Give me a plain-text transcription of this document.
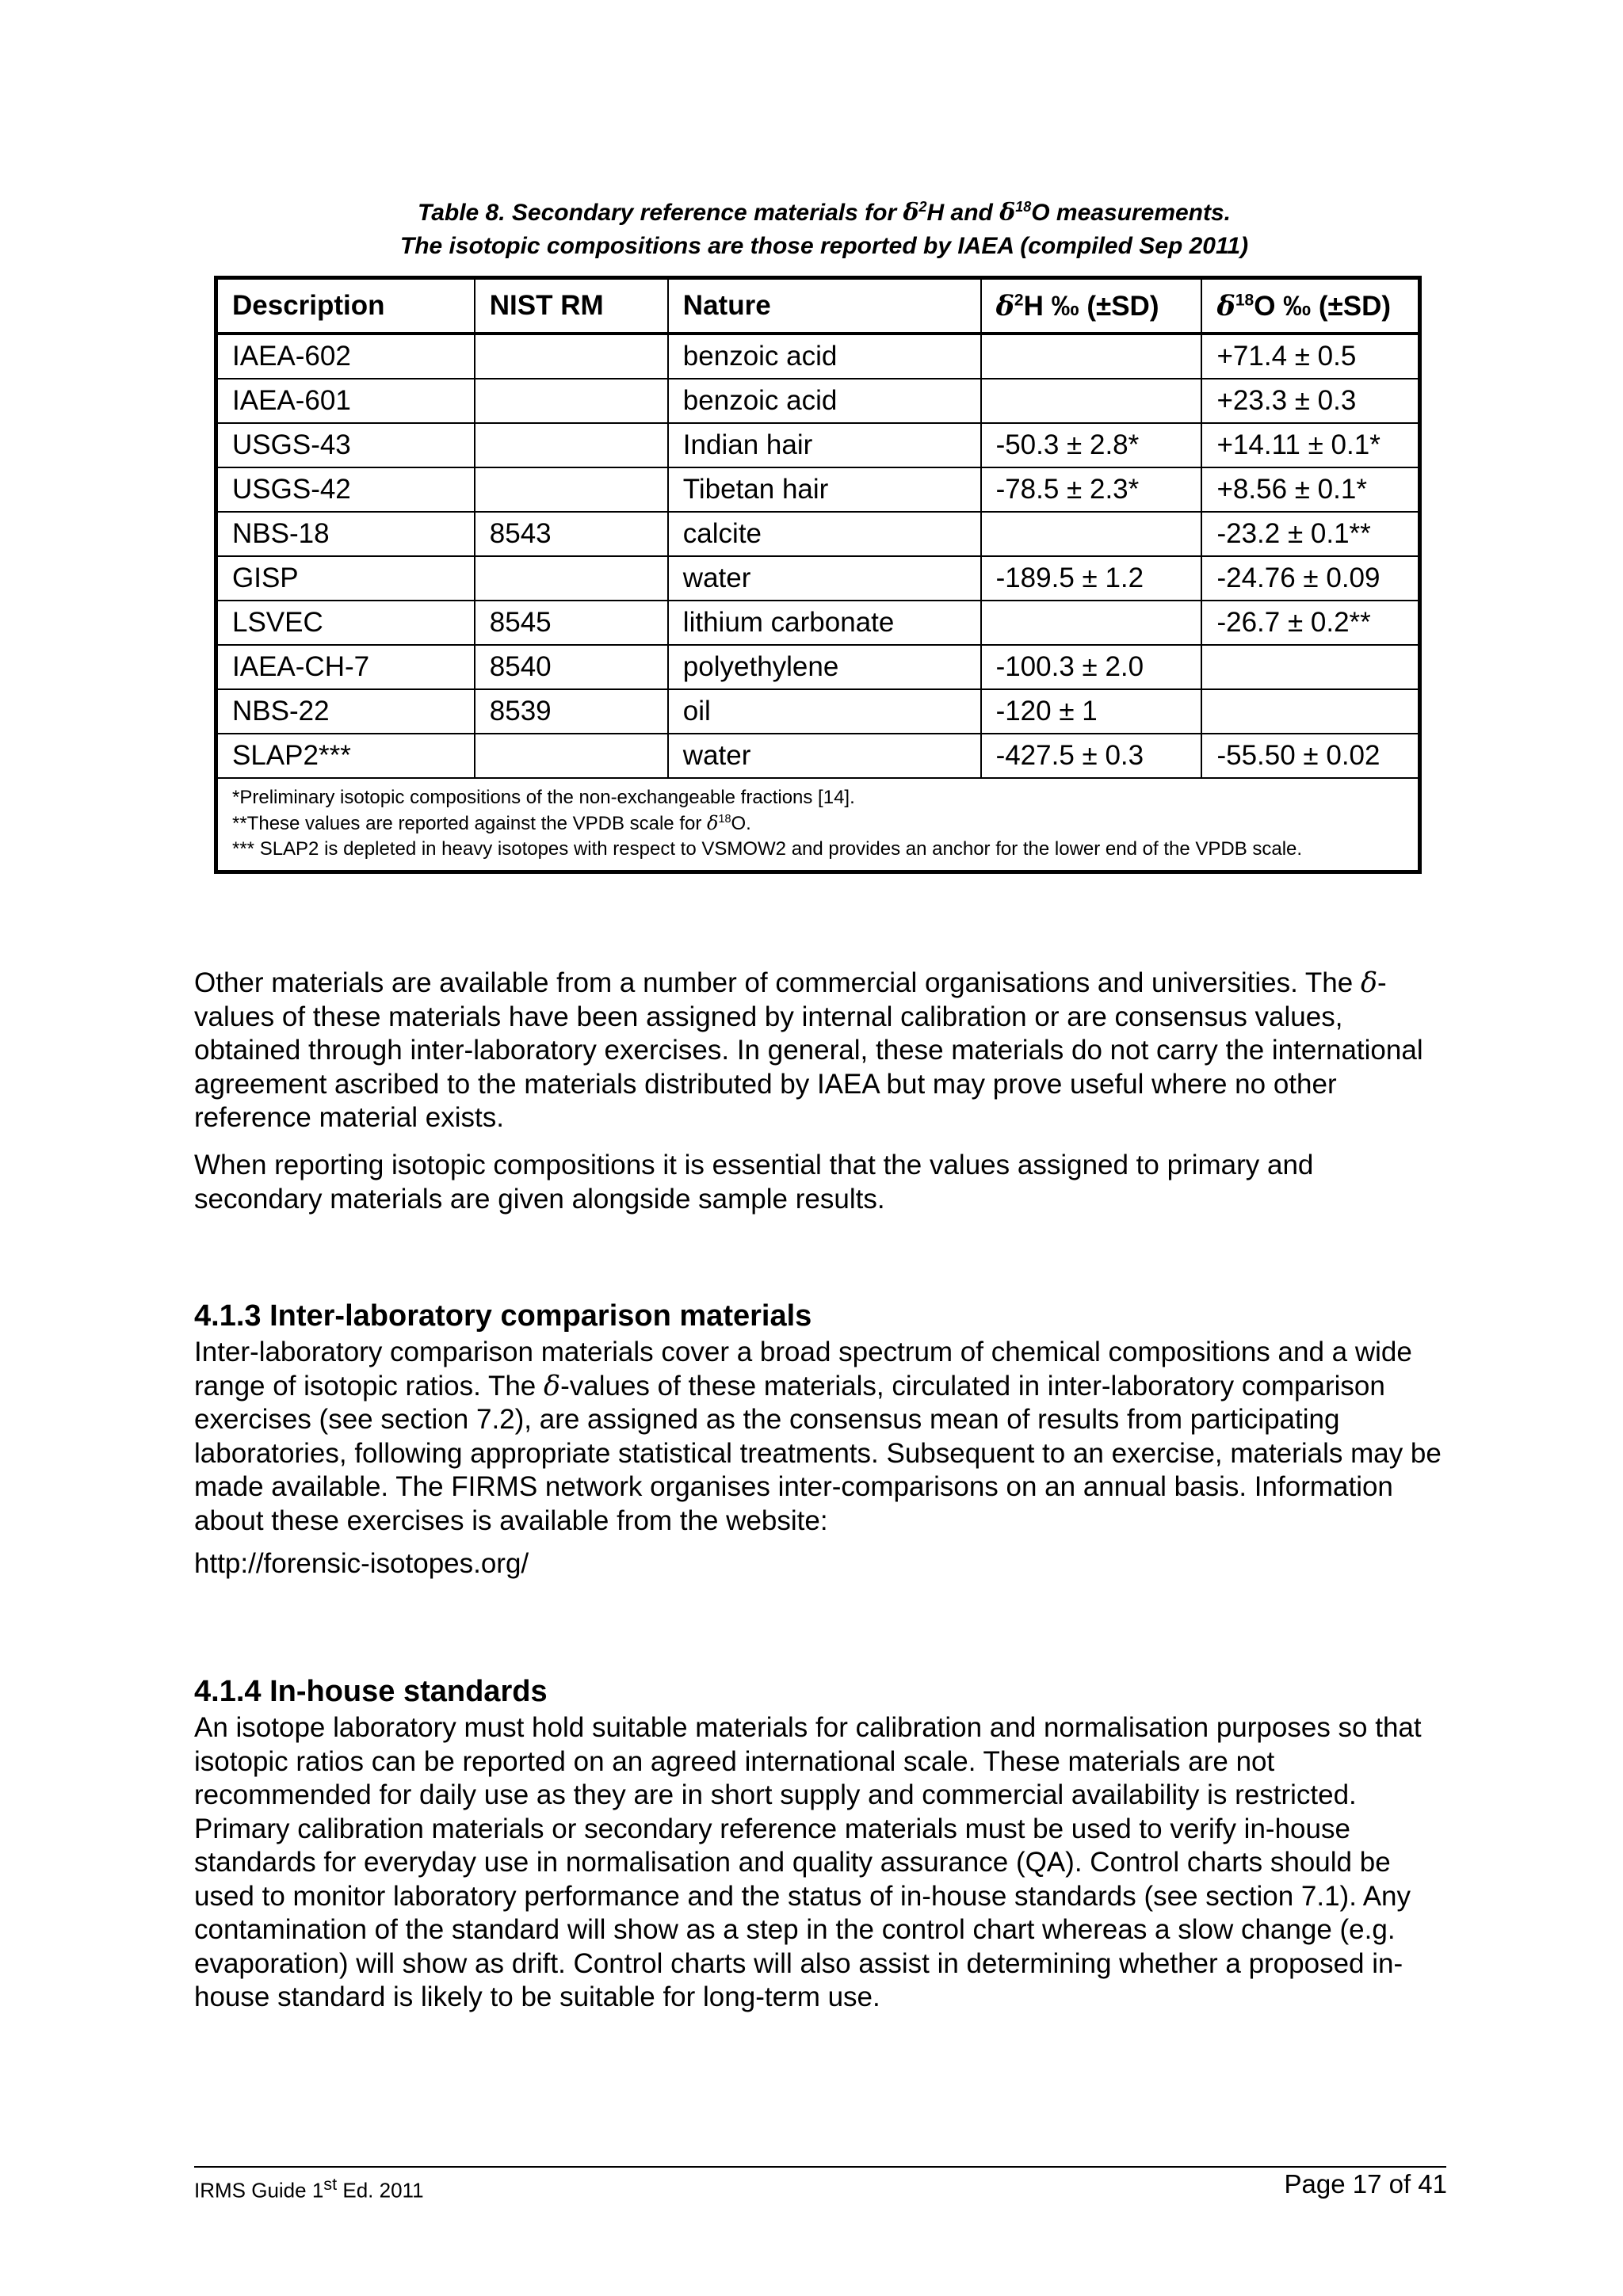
Table 8. Secondary reference materials for $\delta^2H$ and $\delta^{18}O$ measurements.
The isotopic compositions are those reported by IAEA (compiled Sep 2011)
Description	NIST RM	Nature	$\delta^2H$ ‰ (±SD)	$\delta^{18}O$ ‰ (±SD)
IAEA-602		benzoic acid		+71.4 ± 0.5
IAEA-601		benzoic acid		+23.3 ± 0.3
USGS-43		Indian hair	-50.3 ± 2.8*	+14.11 ± 0.1*
USGS-42		Tibetan hair	-78.5 ± 2.3*	+8.56 ± 0.1*
NBS-18	8543	calcite		-23.2 ± 0.1**
GISP		water	-189.5 ± 1.2	-24.76 ± 0.09
LSVEC	8545	lithium carbonate		-26.7 ± 0.2**
IAEA-CH-7	8540	polyethylene	-100.3 ± 2.0	
NBS-22	8539	oil	-120 ± 1	
SLAP2***		water	-427.5 ± 0.3	-55.50 ± 0.02

*Preliminary isotopic compositions of the non-exchangeable fractions [14].
**These values are reported against the VPDB scale for $\delta^{18}O$.
*** SLAP2 is depleted in heavy isotopes with respect to VSMOW2 and provides an anchor for the lower end of the VPDB scale.				

Other materials are available from a number of commercial organisations and universities. The δ-values of these materials have been assigned by internal calibration or are consensus values, obtained through inter-laboratory exercises. In general, these materials do not carry the international agreement ascribed to the materials distributed by IAEA but may prove useful where no other reference material exists.

When reporting isotopic compositions it is essential that the values assigned to primary and secondary materials are given alongside sample results.

4.1.3 Inter-laboratory comparison materials

Inter-laboratory comparison materials cover a broad spectrum of chemical compositions and a wide range of isotopic ratios. The δ-values of these materials, circulated in inter-laboratory comparison exercises (see section 7.2), are assigned as the consensus mean of results from participating laboratories, following appropriate statistical treatments. Subsequent to an exercise, materials may be made available. The FIRMS network organises inter-comparisons on an annual basis. Information about these exercises is available from the website:

http://forensic-isotopes.org/

4.1.4 In-house standards

An isotope laboratory must hold suitable materials for calibration and normalisation purposes so that isotopic ratios can be reported on an agreed international scale. These materials are not recommended for daily use as they are in short supply and commercial availability is restricted. Primary calibration materials or secondary reference materials must be used to verify in-house standards for everyday use in normalisation and quality assurance (QA). Control charts should be used to monitor laboratory performance and the status of in-house standards (see section 7.1). Any contamination of the standard will show as a step in the control chart whereas a slow change (e.g. evaporation) will show as drift. Control charts will also assist in determining whether a proposed in-house standard is likely to be suitable for long-term use.

IRMS Guide 1st Ed. 2011	Page 17 of 41
